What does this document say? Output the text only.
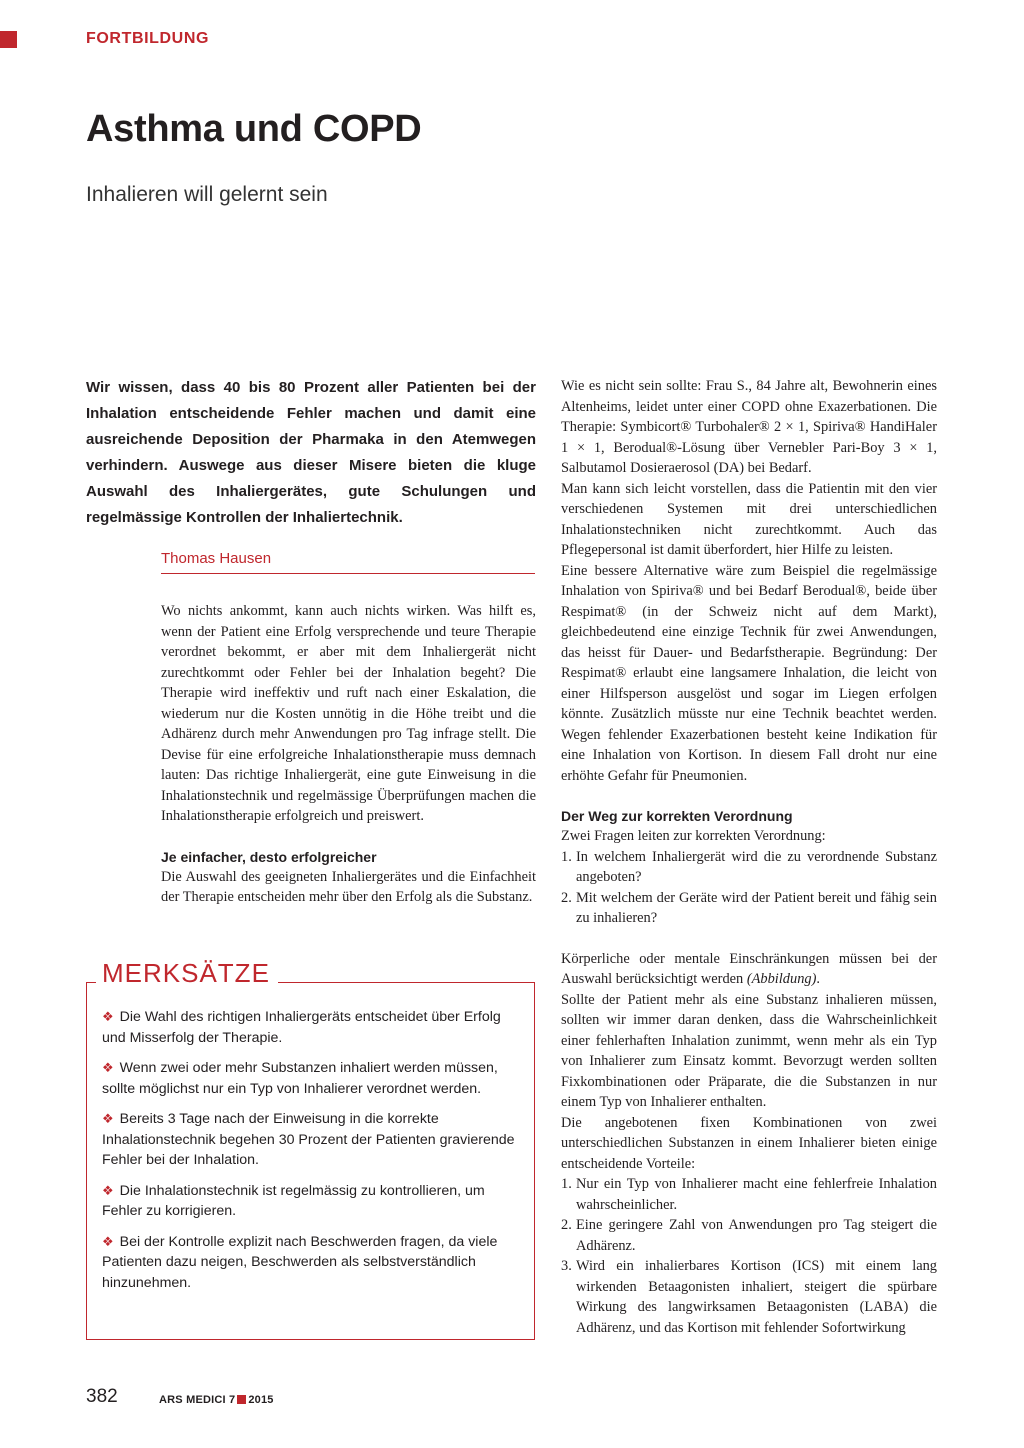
FORTBILDUNG
Asthma und COPD
Inhalieren will gelernt sein
Wir wissen, dass 40 bis 80 Prozent aller Patienten bei der Inhalation entscheidende Fehler machen und damit eine ausreichende Deposition der Pharmaka in den Atemwegen verhindern. Auswege aus dieser Misere bieten die kluge Auswahl des Inhaliergerätes, gute Schulungen und regelmässige Kontrollen der Inhaliertechnik.
Thomas Hausen

Wo nichts ankommt, kann auch nichts wirken. Was hilft es, wenn der Patient eine Erfolg versprechende und teure Therapie verordnet bekommt, er aber mit dem Inhaliergerät nicht zurechtkommt oder Fehler bei der Inhalation begeht? Die Therapie wird ineffektiv und ruft nach einer Eskalation, die wiederum nur die Kosten unnötig in die Höhe treibt und die Adhärenz durch mehr Anwendungen pro Tag infrage stellt. Die Devise für eine erfolgreiche Inhalationstherapie muss demnach lauten: Das richtige Inhaliergerät, eine gute Einweisung in die Inhalationstechnik und regelmässige Überprüfungen machen die Inhalationstherapie erfolgreich und preiswert.

Je einfacher, desto erfolgreicher

Die Auswahl des geeigneten Inhaliergerätes und die Einfachheit der Therapie entscheiden mehr über den Erfolg als die Substanz.

MERKSÄTZE
❖ Die Wahl des richtigen Inhaliergeräts entscheidet über Erfolg und Misserfolg der Therapie.
❖ Wenn zwei oder mehr Substanzen inhaliert werden müssen, sollte möglichst nur ein Typ von Inhalierer verordnet werden.
❖ Bereits 3 Tage nach der Einweisung in die korrekte Inhalationstechnik begehen 30 Prozent der Patienten gravierende Fehler bei der Inhalation.
❖ Die Inhalationstechnik ist regelmässig zu kontrollieren, um Fehler zu korrigieren.
❖ Bei der Kontrolle explizit nach Beschwerden fragen, da viele Patienten dazu neigen, Beschwerden als selbstverständlich hinzunehmen.

Wie es nicht sein sollte: Frau S., 84 Jahre alt, Bewohnerin eines Altenheims, leidet unter einer COPD ohne Exazerbationen. Die Therapie: Symbicort® Turbohaler® 2 × 1, Spiriva® HandiHaler 1 × 1, Berodual®-Lösung über Vernebler Pari-Boy 3 × 1, Salbutamol Dosieraerosol (DA) bei Bedarf.

Man kann sich leicht vorstellen, dass die Patientin mit den vier verschiedenen Systemen mit drei unterschiedlichen Inhalationstechniken nicht zurechtkommt. Auch das Pflegepersonal ist damit überfordert, hier Hilfe zu leisten.

Eine bessere Alternative wäre zum Beispiel die regelmässige Inhalation von Spiriva® und bei Bedarf Berodual®, beide über Respimat® (in der Schweiz nicht auf dem Markt), gleichbedeutend eine einzige Technik für zwei Anwendungen, das heisst für Dauer- und Bedarfstherapie. Begründung: Der Respimat® erlaubt eine langsamere Inhalation, die leicht von einer Hilfsperson ausgelöst und sogar im Liegen erfolgen könnte. Zusätzlich müsste nur eine Technik beachtet werden. Wegen fehlender Exazerbationen besteht keine Indikation für eine Inhalation von Kortison. In diesem Fall droht nur eine erhöhte Gefahr für Pneumonien.

Der Weg zur korrekten Verordnung

Zwei Fragen leiten zur korrekten Verordnung:

1. In welchem Inhaliergerät wird die zu verordnende Substanz angeboten?
2. Mit welchem der Geräte wird der Patient bereit und fähig sein zu inhalieren?

Körperliche oder mentale Einschränkungen müssen bei der Auswahl berücksichtigt werden (Abbildung).

Sollte der Patient mehr als eine Substanz inhalieren müssen, sollten wir immer daran denken, dass die Wahrscheinlichkeit einer fehlerhaften Inhalation zunimmt, wenn mehr als ein Typ von Inhalierer zum Einsatz kommt. Bevorzugt werden sollten Fixkombinationen oder Präparate, die die Substanzen in nur einem Typ von Inhalierer enthalten.

Die angebotenen fixen Kombinationen von zwei unterschiedlichen Substanzen in einem Inhalierer bieten einige entscheidende Vorteile:

1. Nur ein Typ von Inhalierer macht eine fehlerfreie Inhalation wahrscheinlicher.
2. Eine geringere Zahl von Anwendungen pro Tag steigert die Adhärenz.
3. Wird ein inhalierbares Kortison (ICS) mit einem lang wirkenden Betaagonisten inhaliert, steigert die spürbare Wirkung des langwirksamen Betaagonisten (LABA) die Adhärenz, und das Kortison mit fehlender Sofortwirkung
382	ARS MEDICI 7 2015
